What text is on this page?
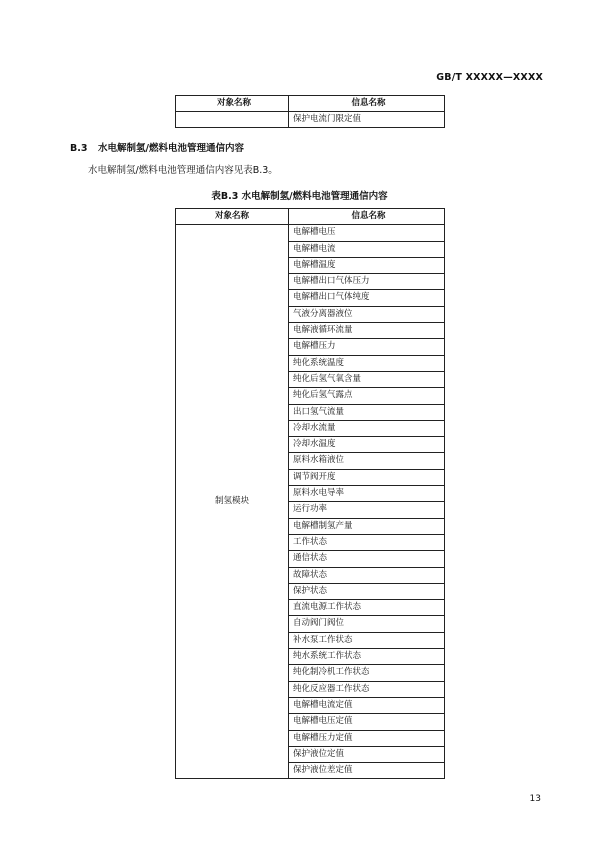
GB/T XXXXX—XXXX
对象名称	信息名称
	保护电流门限定值
B.3 水电解制氢/燃料电池管理通信内容
水电解制氢/燃料电池管理通信内容见表B.3。
表B.3 水电解制氢/燃料电池管理通信内容
对象名称	信息名称
制氢模块	电解槽电压
	电解槽电流
	电解槽温度
	电解槽出口气体压力
	电解槽出口气体纯度
	气液分离器液位
	电解液循环流量
	电解槽压力
	纯化系统温度
	纯化后氢气氧含量
	纯化后氢气露点
	出口氢气流量
	冷却水流量
	冷却水温度
	原料水箱液位
	调节阀开度
	原料水电导率
	运行功率
	电解槽制氢产量
	工作状态
	通信状态
	故障状态
	保护状态
	直流电源工作状态
	自动阀门阀位
	补水泵工作状态
	纯水系统工作状态
	纯化制冷机工作状态
	纯化反应器工作状态
	电解槽电流定值
	电解槽电压定值
	电解槽压力定值
	保护液位定值
	保护液位差定值
13
